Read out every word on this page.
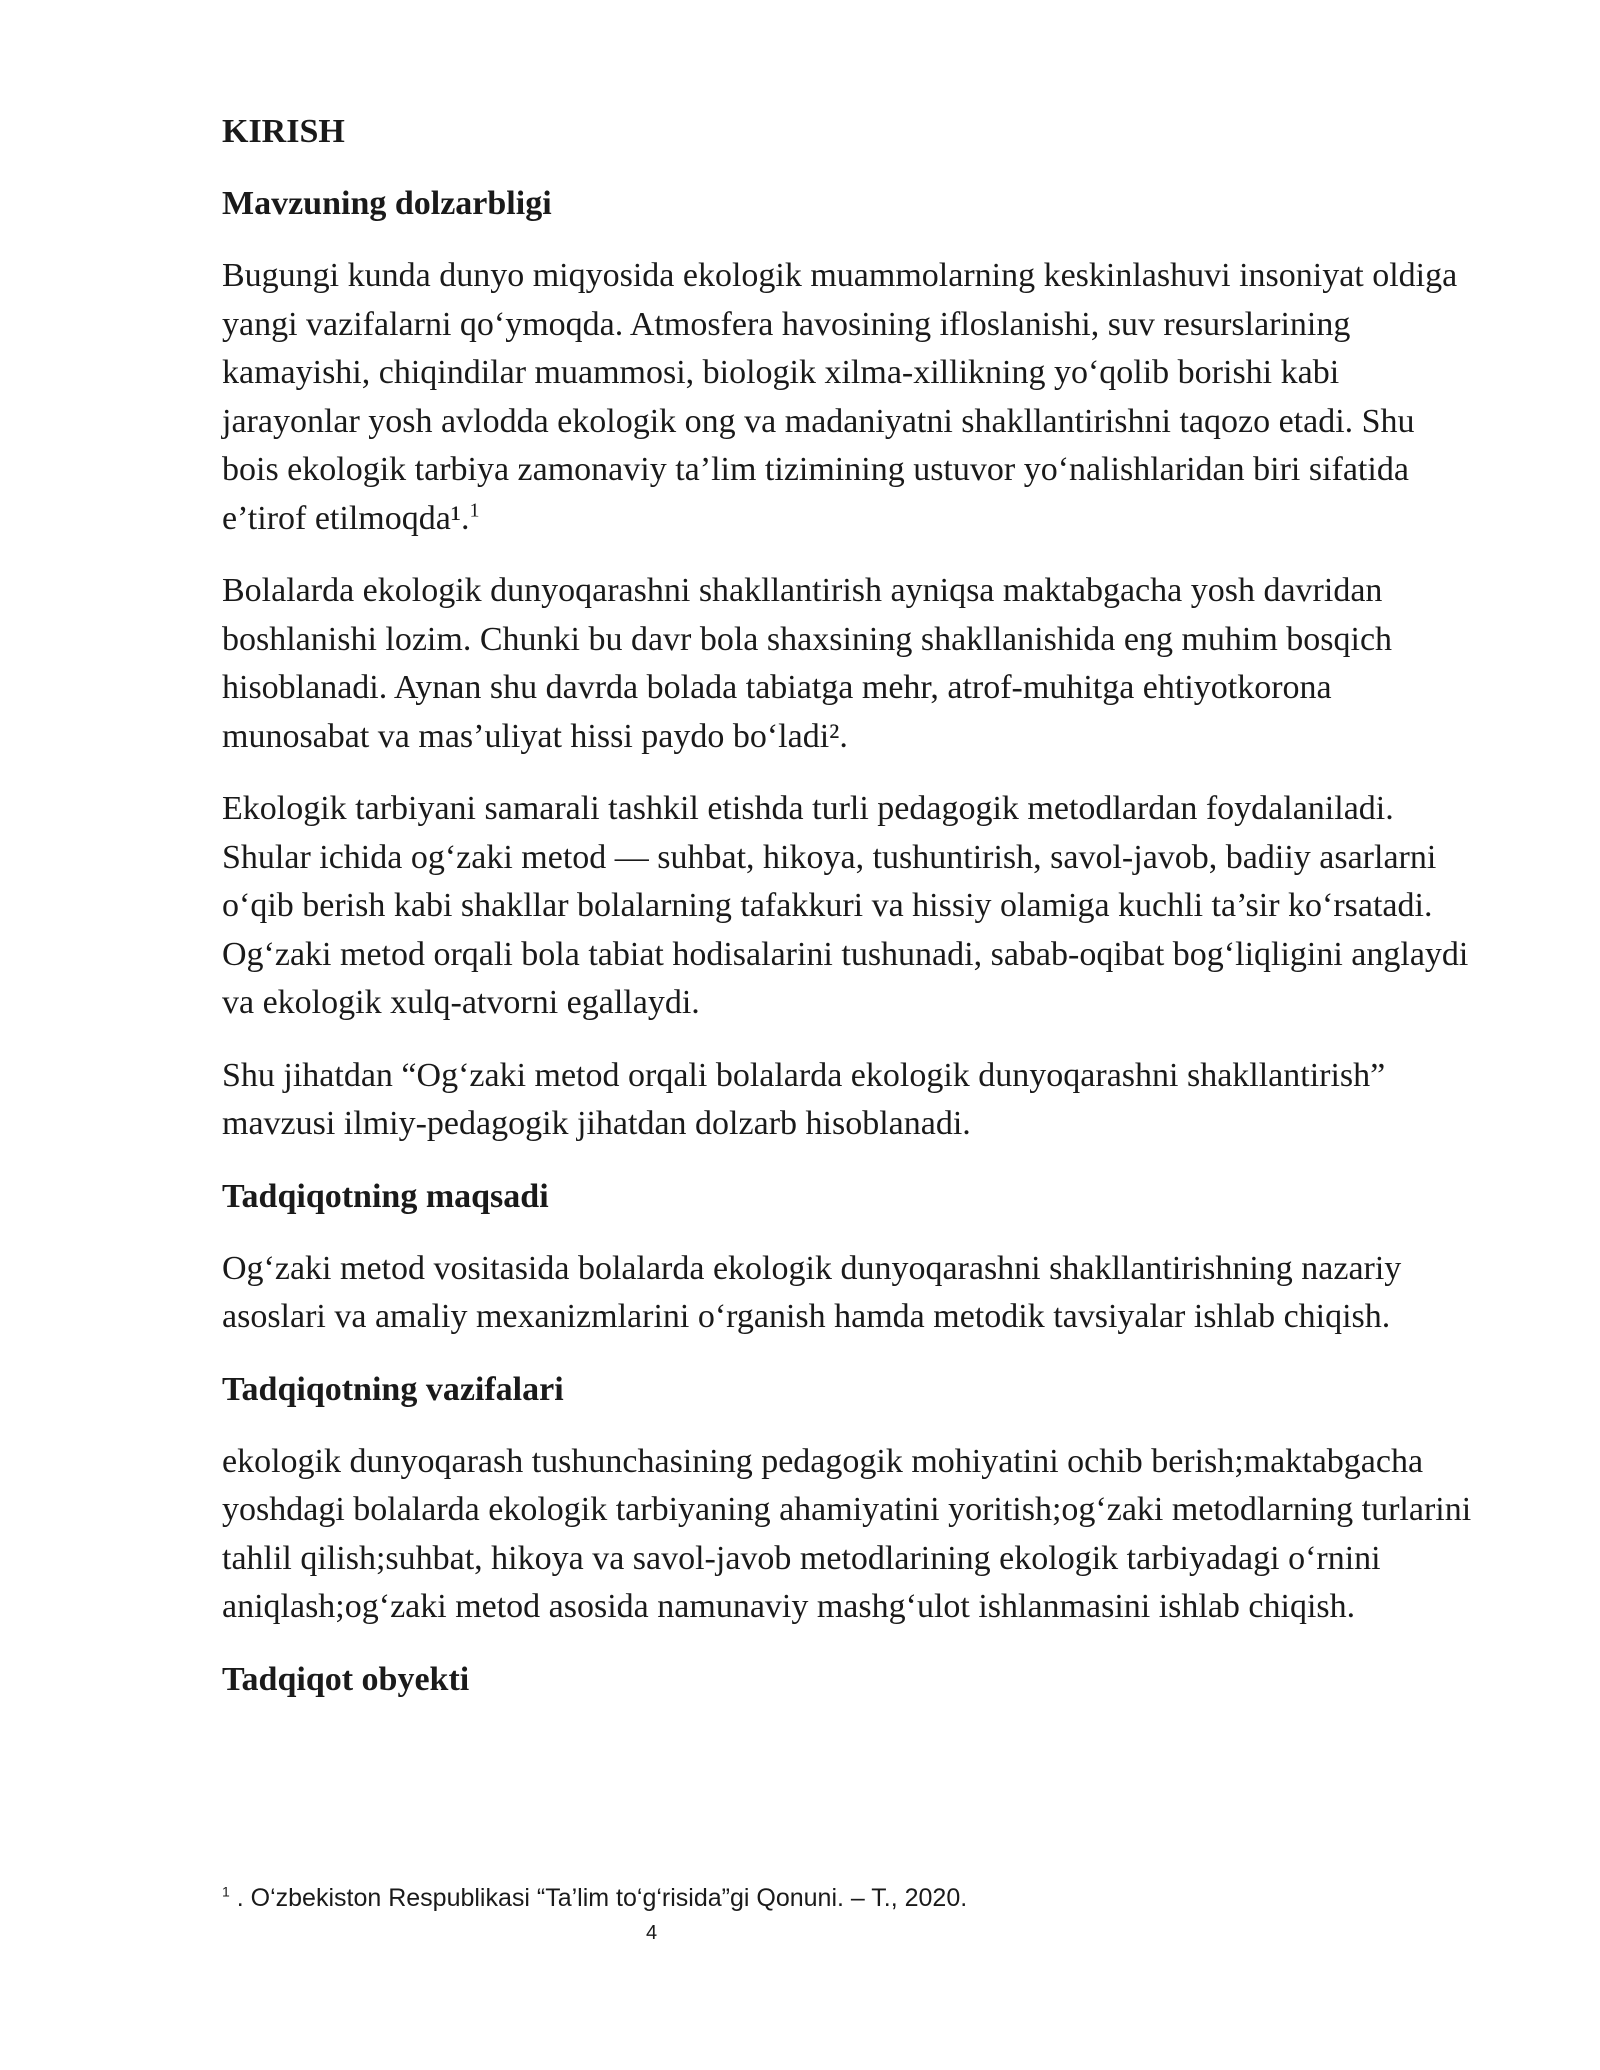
KIRISH
Mavzuning dolzarbligi

Bugungi kunda dunyo miqyosida ekologik muammolarning keskinlashuvi insoniyat oldiga yangi vazifalarni qo‘ymoqda. Atmosfera havosining ifloslanishi, suv resurslarining kamayishi, chiqindilar muammosi, biologik xilma-xillikning yo‘qolib borishi kabi jarayonlar yosh avlodda ekologik ong va madaniyatni shakllantirishni taqozo etadi. Shu bois ekologik tarbiya zamonaviy ta’lim tizimining ustuvor yo‘nalishlaridan biri sifatida e’tirof etilmoqda¹.$^1$

Bolalarda ekologik dunyoqarashni shakllantirish ayniqsa maktabgacha yosh davridan boshlanishi lozim. Chunki bu davr bola shaxsining shakllanishida eng muhim bosqich hisoblanadi. Aynan shu davrda bolada tabiatga mehr, atrof-muhitga ehtiyotkorona munosabat va mas’uliyat hissi paydo bo‘ladi².

Ekologik tarbiyani samarali tashkil etishda turli pedagogik metodlardan foydalaniladi. Shular ichida og‘zaki metod — suhbat, hikoya, tushuntirish, savol-javob, badiiy asarlarni o‘qib berish kabi shakllar bolalarning tafakkuri va hissiy olamiga kuchli ta’sir ko‘rsatadi. Og‘zaki metod orqali bola tabiat hodisalarini tushunadi, sabab-oqibat bog‘liqligini anglaydi va ekologik xulq-atvorni egallaydi.

Shu jihatdan “Og‘zaki metod orqali bolalarda ekologik dunyoqarashni shakllantirish” mavzusi ilmiy-pedagogik jihatdan dolzarb hisoblanadi.

Tadqiqotning maqsadi

Og‘zaki metod vositasida bolalarda ekologik dunyoqarashni shakllantirishning nazariy asoslari va amaliy mexanizmlarini o‘rganish hamda metodik tavsiyalar ishlab chiqish.

Tadqiqotning vazifalari

ekologik dunyoqarash tushunchasining pedagogik mohiyatini ochib berish;maktabgacha yoshdagi bolalarda ekologik tarbiyaning ahamiyatini yoritish;og‘zaki metodlarning turlarini tahlil qilish;suhbat, hikoya va savol-javob metodlarining ekologik tarbiyadagi o‘rnini aniqlash;og‘zaki metod asosida namunaviy mashg‘ulot ishlanmasini ishlab chiqish.

Tadqiqot obyekti
$^1$ . O‘zbekiston Respublikasi “Ta’lim to‘g‘risida”gi Qonuni. – T., 2020.
4
